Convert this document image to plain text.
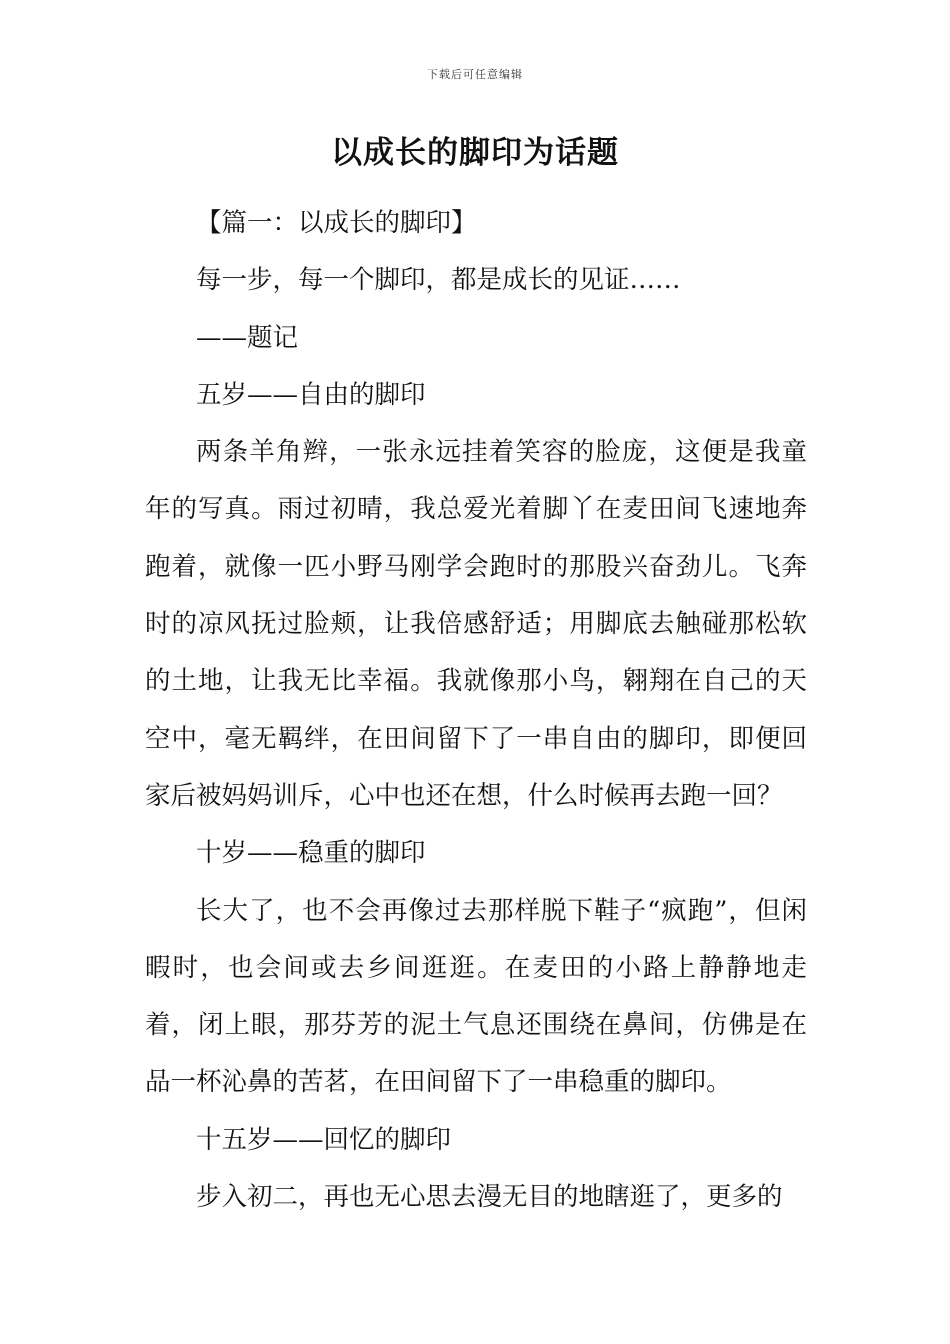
下载后可任意编辑
以成长的脚印为话题

【篇一：以成长的脚印】

每一步，每一个脚印，都是成长的见证……

——题记

五岁——自由的脚印

两条羊角辫，一张永远挂着笑容的脸庞，这便是我童年的写真。雨过初晴，我总爱光着脚丫在麦田间飞速地奔跑着，就像一匹小野马刚学会跑时的那股兴奋劲儿。飞奔时的凉风抚过脸颊，让我倍感舒适；用脚底去触碰那松软的土地，让我无比幸福。我就像那小鸟，翱翔在自己的天空中，毫无羁绊，在田间留下了一串自由的脚印，即便回家后被妈妈训斥，心中也还在想，什么时候再去跑一回？

十岁——稳重的脚印

长大了，也不会再像过去那样脱下鞋子“疯跑”，但闲暇时，也会间或去乡间逛逛。在麦田的小路上静静地走着，闭上眼，那芬芳的泥土气息还围绕在鼻间，仿佛是在品一杯沁鼻的苦茗，在田间留下了一串稳重的脚印。

十五岁——回忆的脚印

步入初二，再也无心思去漫无目的地瞎逛了，更多的
